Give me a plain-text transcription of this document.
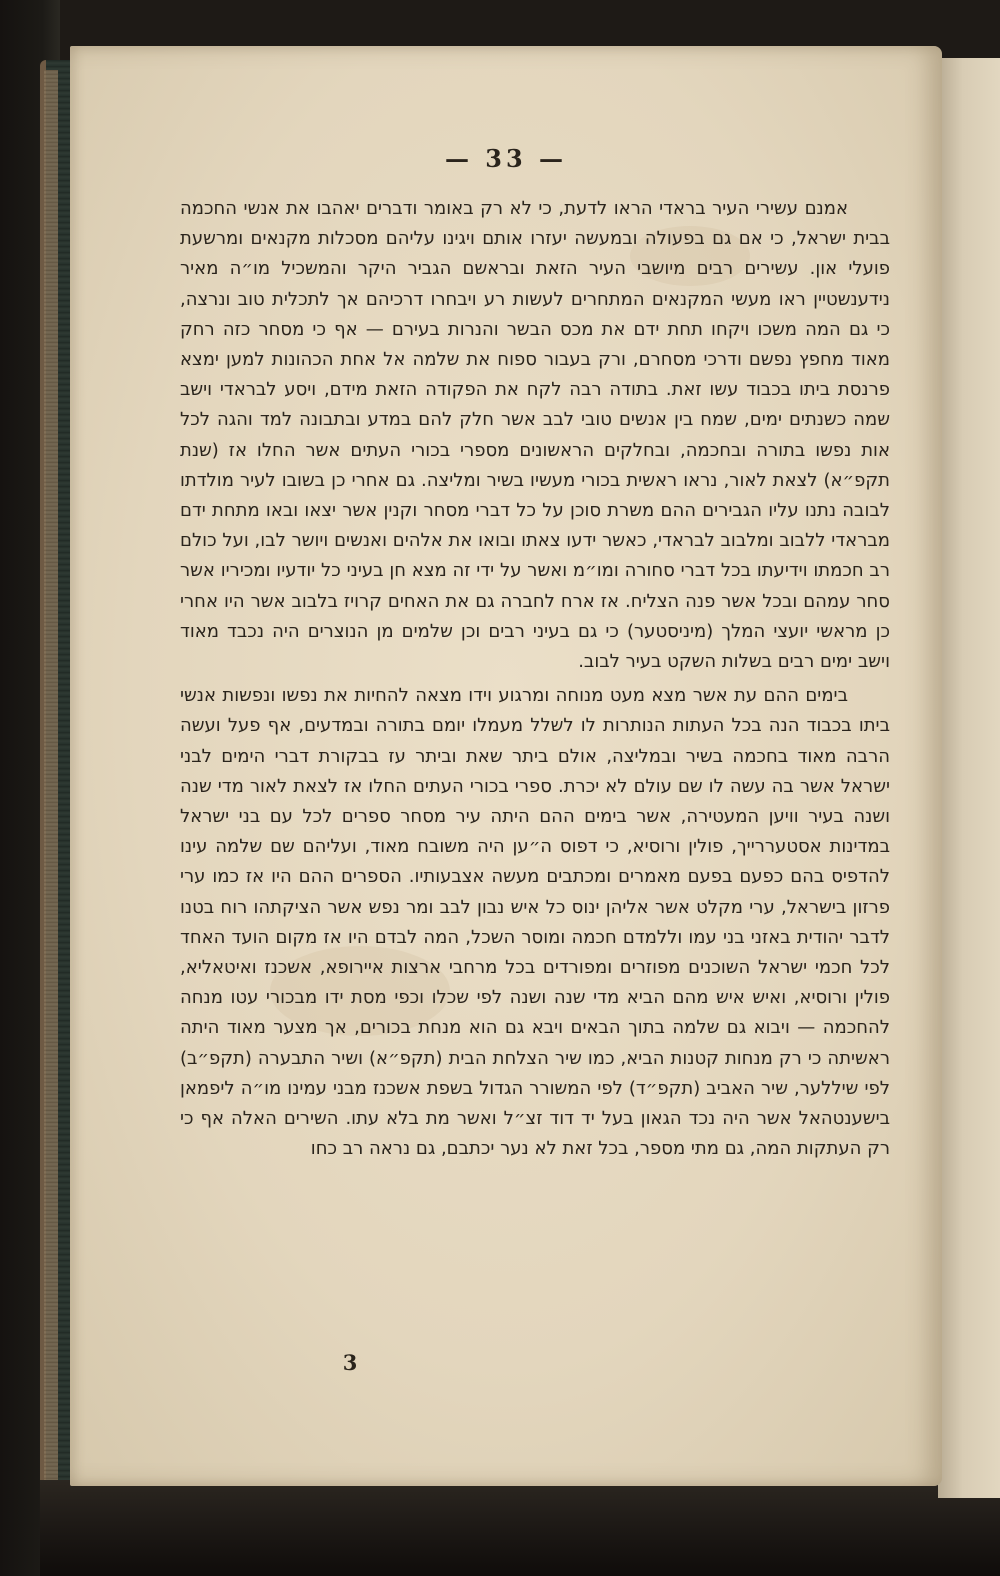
— 33 —

אמנם עשירי העיר בראדי הראו לדעת, כי לא רק באומר ודברים יאהבו את אנשי החכמה בבית ישראל, כי אם גם בפעולה ובמעשה יעזרו אותם ויגינו עליהם מסכלות מקנאים ומרשעת פועלי און. עשירים רבים מיושבי העיר הזאת ובראשם הגביר היקר והמשכיל מו״ה מאיר נידענשטיין ראו מעשי המקנאים המתחרים לעשות רע ויבחרו דרכיהם אך לתכלית טוב ונרצה, כי גם המה משכו ויקחו תחת ידם את מכס הבשר והנרות בעירם — אף כי מסחר כזה רחק מאוד מחפץ נפשם ודרכי מסחרם, ורק בעבור ספוח את שלמה אל אחת הכהונות למען ימצא פרנסת ביתו בכבוד עשו זאת. בתודה רבה לקח את הפקודה הזאת מידם, ויסע לבראדי וישב שמה כשנתים ימים, שמח בין אנשים טובי לבב אשר חלק להם במדע ובתבונה למד והגה לכל אות נפשו בתורה ובחכמה, ובחלקים הראשונים מספרי בכורי העתים אשר החלו אז (שנת תקפ״א) לצאת לאור, נראו ראשית בכורי מעשיו בשיר ומליצה. גם אחרי כן בשובו לעיר מולדתו לבובה נתנו עליו הגבירים ההם משרת סוכן על כל דברי מסחר וקנין אשר יצאו ובאו מתחת ידם מבראדי ללבוב ומלבוב לבראדי, כאשר ידעו צאתו ובואו את אלהים ואנשים ויושר לבו, ועל כולם רב חכמתו וידיעתו בכל דברי סחורה ומו״מ ואשר על ידי זה מצא חן בעיני כל יודעיו ומכיריו אשר סחר עמהם ובכל אשר פנה הצליח. אז ארח לחברה גם את האחים קרויז בלבוב אשר היו אחרי כן מראשי יועצי המלך (מיניסטער) כי גם בעיני רבים וכן שלמים מן הנוצרים היה נכבד מאוד וישב ימים רבים בשלות השקט בעיר לבוב.

בימים ההם עת אשר מצא מעט מנוחה ומרגוע וידו מצאה להחיות את נפשו ונפשות אנשי ביתו בכבוד הנה בכל העתות הנותרות לו לשלל מעמלו יומם בתורה ובמדעים, אף פעל ועשה הרבה מאוד בחכמה בשיר ובמליצה, אולם ביתר שאת וביתר עז בבקורת דברי הימים לבני ישראל אשר בה עשה לו שם עולם לא יכרת. ספרי בכורי העתים החלו אז לצאת לאור מדי שנה ושנה בעיר וויען המעטירה, אשר בימים ההם היתה עיר מסחר ספרים לכל עם בני ישראל במדינות אסטעררייך, פולין ורוסיא, כי דפוס ה״ען היה משובח מאוד, ועליהם שם שלמה עינו להדפיס בהם כפעם בפעם מאמרים ומכתבים מעשה אצבעותיו. הספרים ההם היו אז כמו ערי פרזון בישראל, ערי מקלט אשר אליהן ינוס כל איש נבון לבב ומר נפש אשר הציקתהו רוח בטנו לדבר יהודית באזני בני עמו וללמדם חכמה ומוסר השכל, המה לבדם היו אז מקום הועד האחד לכל חכמי ישראל השוכנים מפוזרים ומפורדים בכל מרחבי ארצות איירופא, אשכנז ואיטאליא, פולין ורוסיא, ואיש איש מהם הביא מדי שנה ושנה לפי שכלו וכפי מסת ידו מבכורי עטו מנחה להחכמה — ויבוא גם שלמה בתוך הבאים ויבא גם הוא מנחת בכורים, אך מצער מאוד היתה ראשיתה כי רק מנחות קטנות הביא, כמו שיר הצלחת הבית (תקפ״א) ושיר התבערה (תקפ״ב) לפי שיללער, שיר האביב (תקפ״ד) לפי המשורר הגדול בשפת אשכנז מבני עמינו מו״ה ליפמאן בישענטהאל אשר היה נכד הגאון בעל יד דוד זצ״ל ואשר מת בלא עתו. השירים האלה אף כי רק העתקות המה, גם מתי מספר, בכל זאת לא נער יכתבם, גם נראה רב כחו

3
